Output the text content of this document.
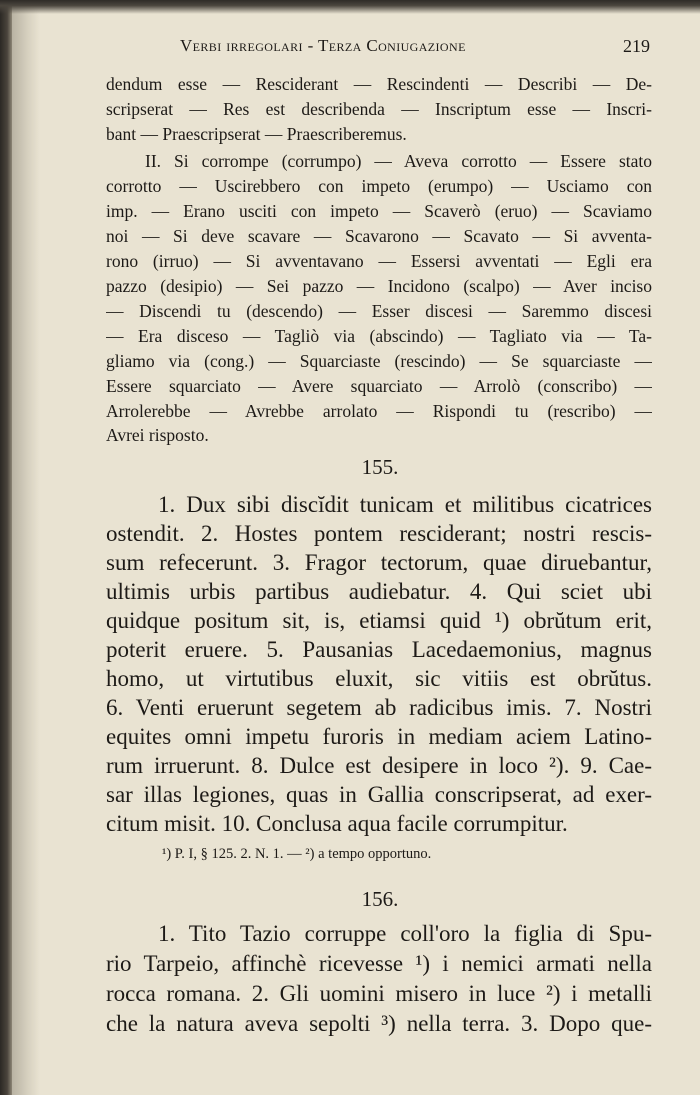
Verbi irregolari - Terza Coniugazione	219

dendum esse — Resciderant — Rescindenti — Describi — De-

scripserat — Res est describenda — Inscriptum esse — Inscri-

bant — Praescripserat — Praescriberemus.

II. Si corrompe (corrumpo) — Aveva corrotto — Essere stato

corrotto — Uscirebbero con impeto (erumpo) — Usciamo con

imp. — Erano usciti con impeto — Scaverò (eruo) — Scaviamo

noi — Si deve scavare — Scavarono — Scavato — Si avventa-

rono (irruo) — Si avventavano — Essersi avventati — Egli era

pazzo (desipio) — Sei pazzo — Incidono (scalpo) — Aver inciso

— Discendi tu (descendo) — Esser discesi — Saremmo discesi

— Era disceso — Tagliò via (abscindo) — Tagliato via — Ta-

gliamo via (cong.) — Squarciaste (rescindo) — Se squarciaste —

Essere squarciato — Avere squarciato — Arrolò (conscribo) —

Arrolerebbe — Avrebbe arrolato — Rispondi tu (rescribo) —

Avrei risposto.

155.

1. Dux sibi discĭdit tunicam et militibus cicatrices

ostendit. 2. Hostes pontem resciderant; nostri rescis-

sum refecerunt. 3. Fragor tectorum, quae diruebantur,

ultimis urbis partibus audiebatur. 4. Qui sciet ubi

quidque positum sit, is, etiamsi quid ¹) obrŭtum erit,

poterit eruere. 5. Pausanias Lacedaemonius, magnus

homo, ut virtutibus eluxit, sic vitiis est obrŭtus.

6. Venti eruerunt segetem ab radicibus imis. 7. Nostri

equites omni impetu furoris in mediam aciem Latino-

rum irruerunt. 8. Dulce est desipere in loco ²). 9. Cae-

sar illas legiones, quas in Gallia conscripserat, ad exer-

citum misit. 10. Conclusa aqua facile corrumpitur.

¹) P. I, § 125. 2. N. 1. — ²) a tempo opportuno.

156.

1. Tito Tazio corruppe coll'oro la figlia di Spu-

rio Tarpeio, affinchè ricevesse ¹) i nemici armati nella

rocca romana. 2. Gli uomini misero in luce ²) i metalli

che la natura aveva sepolti ³) nella terra. 3. Dopo que-
